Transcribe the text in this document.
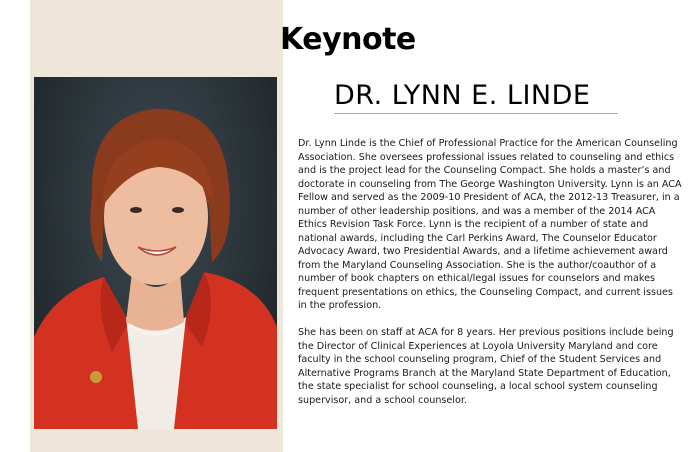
Keynote
DR. LYNN E. LINDE

Dr. Lynn Linde is the Chief of Professional Practice for the American Counseling Association. She oversees professional issues related to counseling and ethics and is the project lead for the Counseling Compact. She holds a master’s and doctorate in counseling from The George Washington University. Lynn is an ACA Fellow and served as the 2009-10 President of ACA, the 2012-13 Treasurer, in a number of other leadership positions, and was a member of the 2014 ACA Ethics Revision Task Force. Lynn is the recipient of a number of state and national awards, including the Carl Perkins Award, The Counselor Educator Advocacy Award, two Presidential Awards, and a lifetime achievement award from the Maryland Counseling Association. She is the author/coauthor of a number of book chapters on ethical/legal issues for counselors and makes frequent presentations on ethics, the Counseling Compact, and current issues in the profession.

She has been on staff at ACA for 8 years. Her previous positions include being the Director of Clinical Experiences at Loyola University Maryland and core faculty in the school counseling program, Chief of the Student Services and Alternative Programs Branch at the Maryland State Department of Education, the state specialist for school counseling, a local school system counseling supervisor, and a school counselor.
